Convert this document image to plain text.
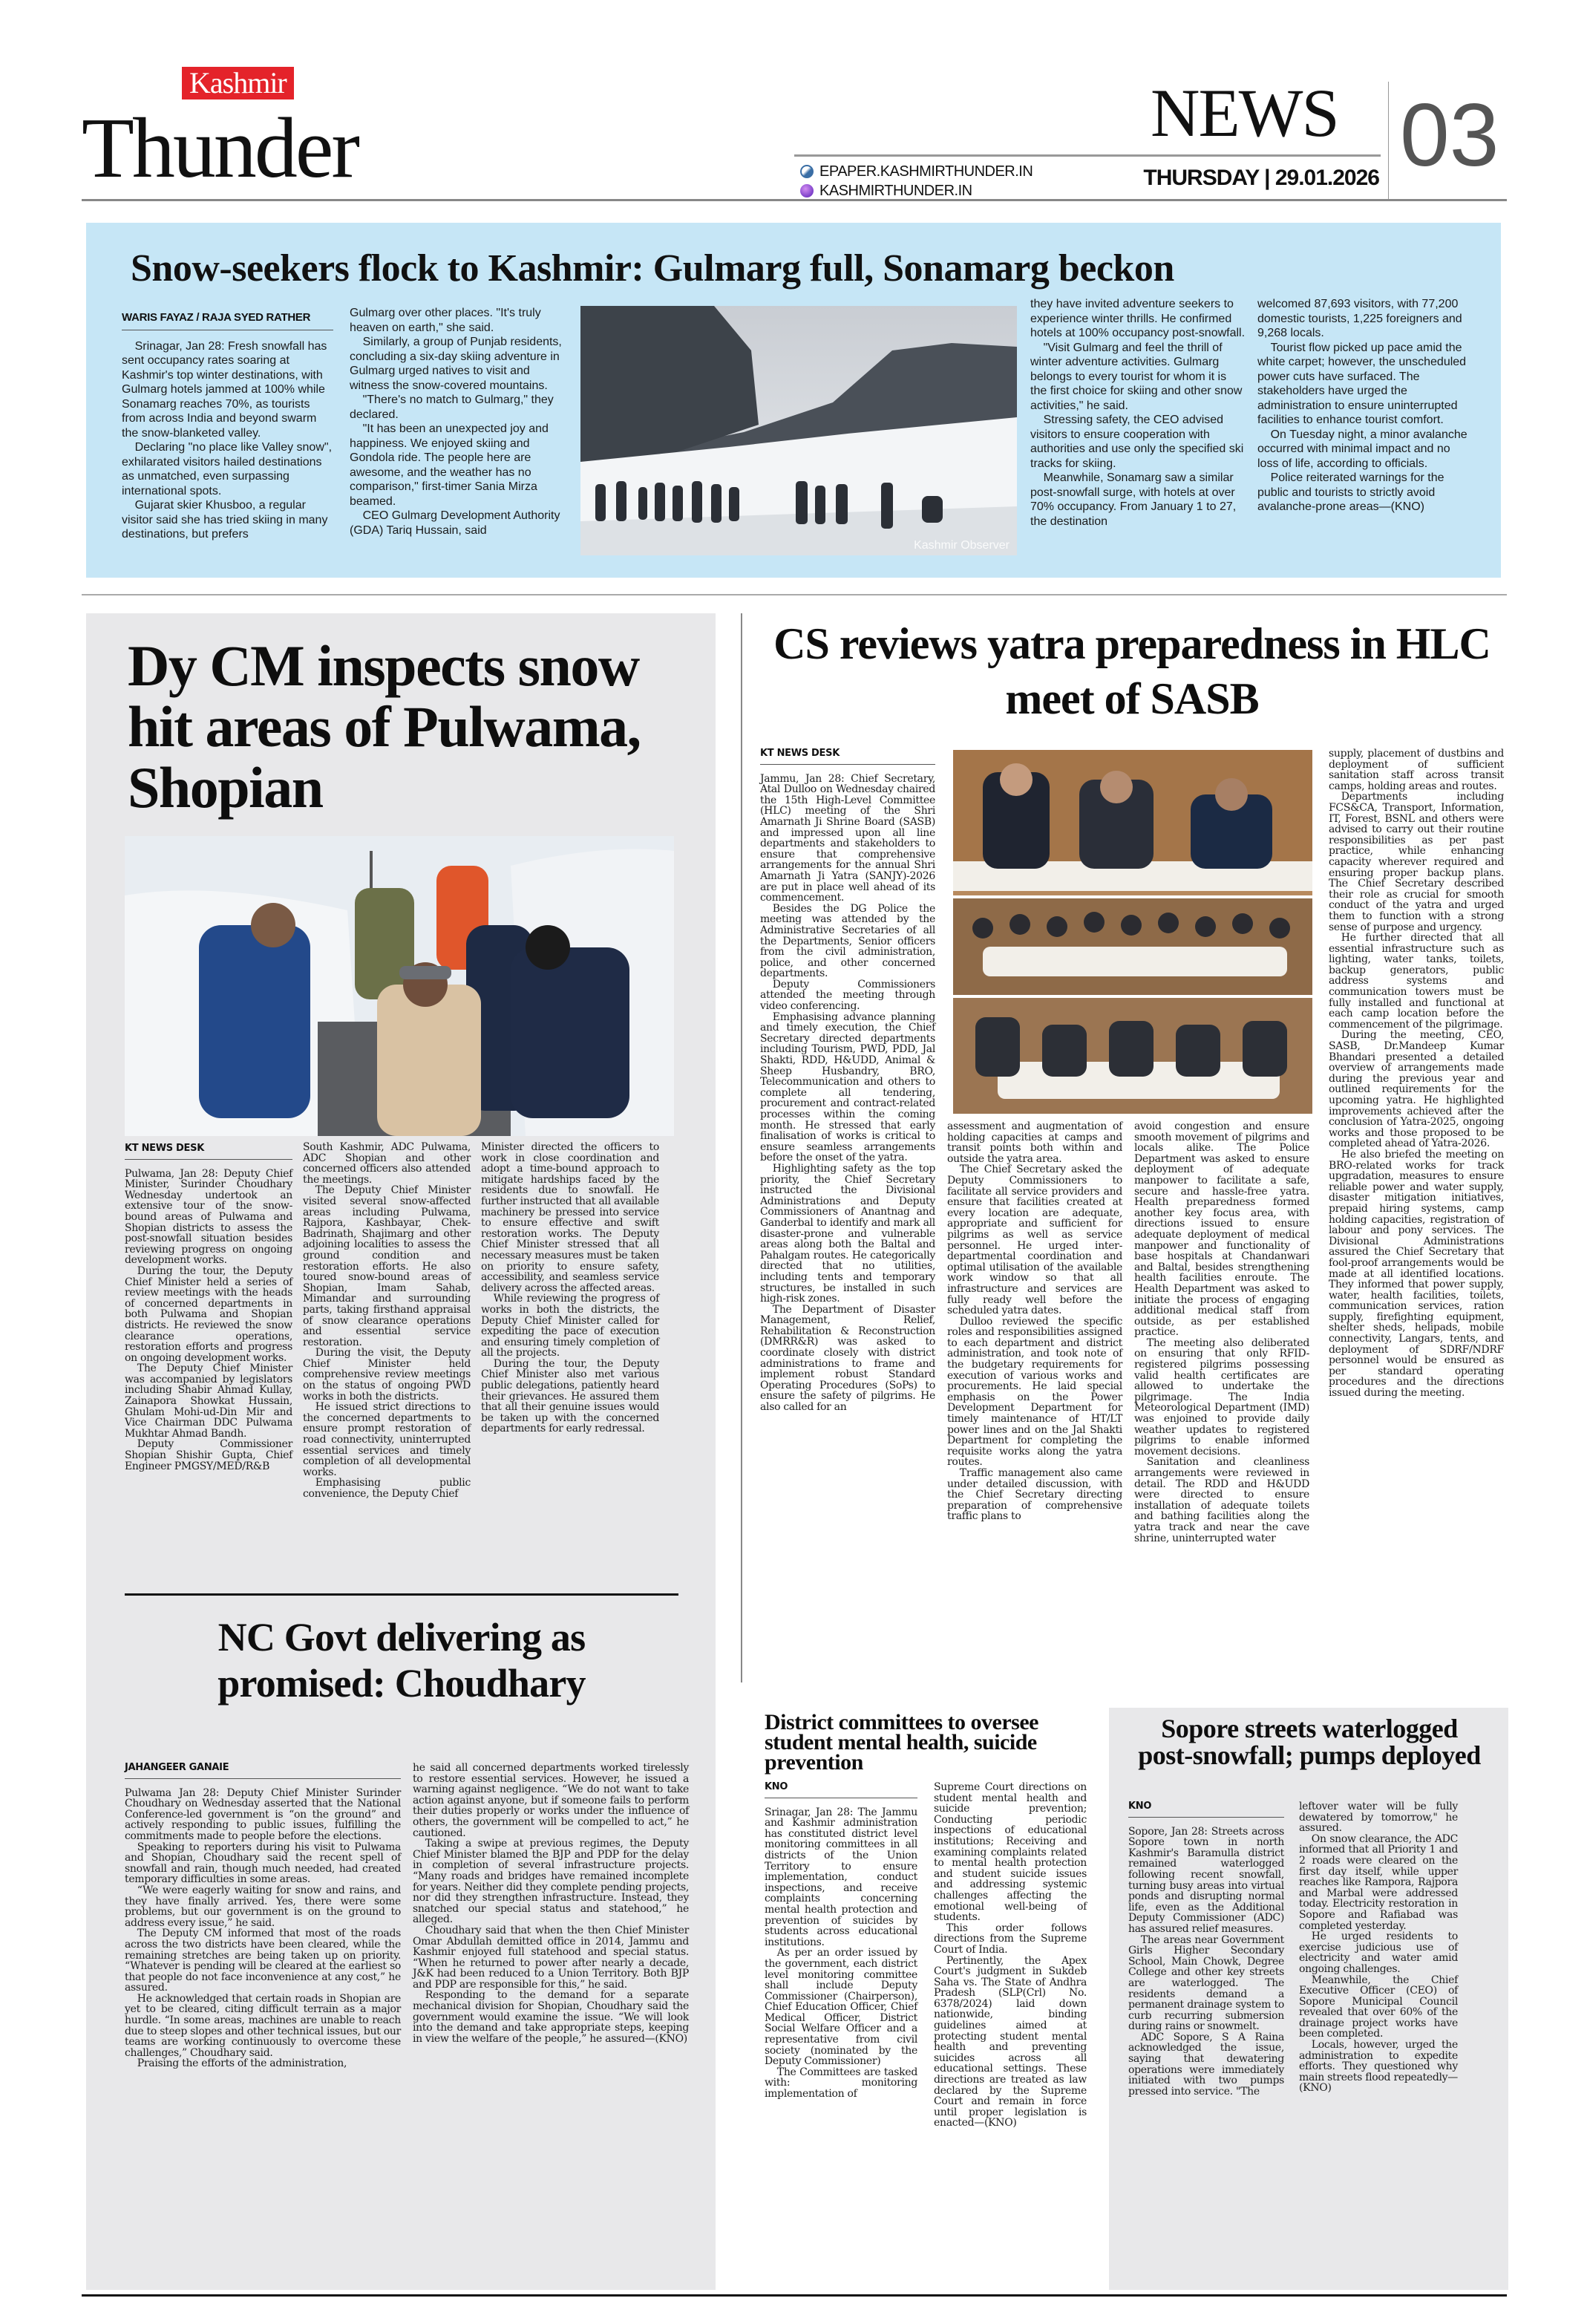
Kashmir
Thunder	NEWS 03
EPAPER.KASHMIRTHUNDER.IN
KASHMIRTHUNDER.IN
THURSDAY | 29.01.2026
Snow-seekers flock to Kashmir: Gulmarg full, Sonamarg beckon
WARIS FAYAZ / RAJA SYED RATHER

Srinagar, Jan 28: Fresh snowfall has sent occupancy rates soaring at Kashmir's top winter destinations, with Gulmarg hotels jammed at 100% while Sonamarg reaches 70%, as tourists from across India and beyond swarm the snow-blanketed valley.

Declaring "no place like Valley snow", exhilarated visitors hailed destinations as unmatched, even surpassing international spots.

Gujarat skier Khusboo, a regular visitor said she has tried skiing in many destinations, but prefers

Gulmarg over other places. "It's truly heaven on earth," she said.

Similarly, a group of Punjab residents, concluding a six-day skiing adventure in Gulmarg urged natives to visit and witness the snow-covered mountains.

"There's no match to Gulmarg," they declared.

"It has been an unexpected joy and happiness. We enjoyed skiing and Gondola ride. The people here are awesome, and the weather has no comparison," first-timer Sania Mirza beamed.

CEO Gulmarg Development Authority (GDA) Tariq Hussain, said

Kashmir Observer

they have invited adventure seekers to experience winter thrills. He confirmed hotels at 100% occupancy post-snowfall.

"Visit Gulmarg and feel the thrill of winter adventure activities. Gulmarg belongs to every tourist for whom it is the first choice for skiing and other snow activities," he said.

Stressing safety, the CEO advised visitors to ensure cooperation with authorities and use only the specified ski tracks for skiing.

Meanwhile, Sonamarg saw a similar post-snowfall surge, with hotels at over 70% occupancy. From January 1 to 27, the destination

welcomed 87,693 visitors, with 77,200 domestic tourists, 1,225 foreigners and 9,268 locals.

Tourist flow picked up pace amid the white carpet; however, the unscheduled power cuts have surfaced. The stakeholders have urged the administration to ensure uninterrupted facilities to enhance tourist comfort.

On Tuesday night, a minor avalanche occurred with minimal impact and no loss of life, according to officials.

Police reiterated warnings for the public and tourists to strictly avoid avalanche-prone areas—(KNO)

Dy CM inspects snow hit areas of Pulwama, Shopian
KT NEWS DESK

Pulwama, Jan 28: Deputy Chief Minister, Surinder Choudhary Wednesday undertook an extensive tour of the snow-bound areas of Pulwama and Shopian districts to assess the post-snowfall situation besides reviewing progress on ongoing development works.

During the tour, the Deputy Chief Minister held a series of review meetings with the heads of concerned departments in both Pulwama and Shopian districts. He reviewed the snow clearance operations, restoration efforts and progress on ongoing development works.

The Deputy Chief Minister was accompanied by legislators including Shabir Ahmad Kullay, Zainapora Showkat Hussain, Ghulam Mohi-ud-Din Mir and Vice Chairman DDC Pulwama Mukhtar Ahmad Bandh.

Deputy Commissioner Shopian Shishir Gupta, Chief Engineer PMGSY/MED/R&B

South Kashmir, ADC Pulwama, ADC Shopian and other concerned officers also attended the meetings.

The Deputy Chief Minister visited several snow-affected areas including Pulwama, Rajpora, Kashbayar, Chek-Badrinath, Shajimarg and other adjoining localities to assess the ground condition and restoration efforts. He also toured snow-bound areas of Shopian, Imam Sahab, Mimandar and surrounding parts, taking firsthand appraisal of snow clearance operations and essential service restoration.

During the visit, the Deputy Chief Minister held comprehensive review meetings on the status of ongoing PWD works in both the districts.

He issued strict directions to the concerned departments to ensure prompt restoration of road connectivity, uninterrupted essential services and timely completion of all developmental works.

Emphasising public convenience, the Deputy Chief

Minister directed the officers to work in close coordination and adopt a time-bound approach to mitigate hardships faced by the residents due to snowfall. He further instructed that all available machinery be pressed into service to ensure effective and swift restoration works. The Deputy Chief Minister stressed that all necessary measures must be taken on priority to ensure safety, accessibility, and seamless service delivery across the affected areas.

While reviewing the progress of works in both the districts, the Deputy Chief Minister called for expediting the pace of execution and ensuring timely completion of all the projects.

During the tour, the Deputy Chief Minister also met various public delegations, patiently heard their grievances. He assured them that all their genuine issues would be taken up with the concerned departments for early redressal.

NC Govt delivering as promised: Choudhary
JAHANGEER GANAIE

Pulwama Jan 28: Deputy Chief Minister Surinder Choudhary on Wednesday asserted that the National Conference-led government is “on the ground” and actively responding to public issues, fulfilling the commitments made to people before the elections.

Speaking to reporters during his visit to Pulwama and Shopian, Choudhary said the recent spell of snowfall and rain, though much needed, had created temporary difficulties in some areas.

“We were eagerly waiting for snow and rains, and they have finally arrived. Yes, there were some problems, but our government is on the ground to address every issue,” he said.

The Deputy CM informed that most of the roads across the two districts have been cleared, while the remaining stretches are being taken up on priority. “Whatever is pending will be cleared at the earliest so that people do not face inconvenience at any cost,” he assured.

He acknowledged that certain roads in Shopian are yet to be cleared, citing difficult terrain as a major hurdle. “In some areas, machines are unable to reach due to steep slopes and other technical issues, but our teams are working continuously to overcome these challenges,” Choudhary said.

Praising the efforts of the administration,

he said all concerned departments worked tirelessly to restore essential services. However, he issued a warning against negligence. “We do not want to take action against anyone, but if someone fails to perform their duties properly or works under the influence of others, the government will be compelled to act,” he cautioned.

Taking a swipe at previous regimes, the Deputy Chief Minister blamed the BJP and PDP for the delay in completion of several infrastructure projects. “Many roads and bridges have remained incomplete for years. Neither did they complete pending projects, nor did they strengthen infrastructure. Instead, they snatched our special status and statehood,” he alleged.

Choudhary said that when the then Chief Minister Omar Abdullah demitted office in 2014, Jammu and Kashmir enjoyed full statehood and special status. “When he returned to power after nearly a decade, J&K had been reduced to a Union Territory. Both BJP and PDP are responsible for this,” he said.

Responding to the demand for a separate mechanical division for Shopian, Choudhary said the government would examine the issue. “We will look into the demand and take appropriate steps, keeping in view the welfare of the people,” he assured—(KNO)

CS reviews yatra preparedness in HLC meet of SASB
KT NEWS DESK

Jammu, Jan 28: Chief Secretary, Atal Dulloo on Wednesday chaired the 15th High-Level Committee (HLC) meeting of the Shri Amarnath Ji Shrine Board (SASB) and impressed upon all line departments and stakeholders to ensure that comprehensive arrangements for the annual Shri Amarnath Ji Yatra (SANJY)-2026 are put in place well ahead of its commencement.

Besides the DG Police the meeting was attended by the Administrative Secretaries of all the Departments, Senior officers from the civil administration, police, and other concerned departments.

Deputy Commissioners attended the meeting through video conferencing.

Emphasising advance planning and timely execution, the Chief Secretary directed departments including Tourism, PWD, PDD, Jal Shakti, RDD, H&UDD, Animal & Sheep Husbandry, BRO, Telecommunication and others to complete all tendering, procurement and contract-related processes within the coming month. He stressed that early finalisation of works is critical to ensure seamless arrangements before the onset of the yatra.

Highlighting safety as the top priority, the Chief Secretary instructed the Divisional Administrations and Deputy Commissioners of Anantnag and Ganderbal to identify and mark all disaster-prone and vulnerable areas along both the Baltal and Pahalgam routes. He categorically directed that no utilities, including tents and temporary structures, be installed in such high-risk zones.

The Department of Disaster Management, Relief, Rehabilitation & Reconstruction (DMRR&R) was asked to coordinate closely with district administrations to frame and implement robust Standard Operating Procedures (SoPs) to ensure the safety of pilgrims. He also called for an

assessment and augmentation of holding capacities at camps and transit points both within and outside the yatra area.

The Chief Secretary asked the Deputy Commissioners to facilitate all service providers and ensure that facilities created at every location are adequate, appropriate and sufficient for pilgrims as well as service personnel. He urged inter-departmental coordination and optimal utilisation of the available work window so that all infrastructure and services are fully ready well before the scheduled yatra dates.

Dulloo reviewed the specific roles and responsibilities assigned to each department and district administration, and took note of the budgetary requirements for execution of various works and procurements. He laid special emphasis on the Power Development Department for timely maintenance of HT/LT power lines and on the Jal Shakti Department for completing the requisite works along the yatra routes.

Traffic management also came under detailed discussion, with the Chief Secretary directing preparation of comprehensive traffic plans to

avoid congestion and ensure smooth movement of pilgrims and locals alike. The Police Department was asked to ensure deployment of adequate manpower to facilitate a safe, secure and hassle-free yatra. Health preparedness formed another key focus area, with directions issued to ensure adequate deployment of medical manpower and functionality of base hospitals at Chandanwari and Baltal, besides strengthening health facilities enroute. The Health Department was asked to initiate the process of engaging additional medical staff from outside, as per established practice.

The meeting also deliberated on ensuring that only RFID-registered pilgrims possessing valid health certificates are allowed to undertake the pilgrimage. The India Meteorological Department (IMD) was enjoined to provide daily weather updates to registered pilgrims to enable informed movement decisions.

Sanitation and cleanliness arrangements were reviewed in detail. The RDD and H&UDD were directed to ensure installation of adequate toilets and bathing facilities along the yatra track and near the cave shrine, uninterrupted water

supply, placement of dustbins and deployment of sufficient sanitation staff across transit camps, holding areas and routes.

Departments including FCS&CA, Transport, Information, IT, Forest, BSNL and others were advised to carry out their routine responsibilities as per past practice, while enhancing capacity wherever required and ensuring proper backup plans. The Chief Secretary described their role as crucial for smooth conduct of the yatra and urged them to function with a strong sense of purpose and urgency.

He further directed that all essential infrastructure such as lighting, water tanks, toilets, backup generators, public address systems and communication towers must be fully installed and functional at each camp location before the commencement of the pilgrimage.

During the meeting, CEO, SASB, Dr.Mandeep Kumar Bhandari presented a detailed overview of arrangements made during the previous year and outlined requirements for the upcoming yatra. He highlighted improvements achieved after the conclusion of Yatra-2025, ongoing works and those proposed to be completed ahead of Yatra-2026.

He also briefed the meeting on BRO-related works for track upgradation, measures to ensure reliable power and water supply, disaster mitigation initiatives, prepaid hiring systems, camp holding capacities, registration of labour and pony services. The Divisional Administrations assured the Chief Secretary that fool-proof arrangements would be made at all identified locations. They informed that power supply, water, health facilities, toilets, communication services, ration supply, firefighting equipment, shelter sheds, helipads, mobile connectivity, Langars, tents, and deployment of SDRF/NDRF personnel would be ensured as per standard operating procedures and the directions issued during the meeting.

District committees to oversee student mental health, suicide prevention
KNO

Srinagar, Jan 28: The Jammu and Kashmir administration has constituted district level monitoring committees in all districts of the Union Territory to ensure implementation, conduct inspections, and receive complaints concerning mental health protection and prevention of suicides by students across educational institutions.

As per an order issued by the government, each district level monitoring committee shall include Deputy Commissioner (Chairperson), Chief Education Officer, Chief Medical Officer, District Social Welfare Officer and a representative from civil society (nominated by the Deputy Commissioner)

The Committees are tasked with: monitoring implementation of

Supreme Court directions on student mental health and suicide prevention; Conducting periodic inspections of educational institutions; Receiving and examining complaints related to mental health protection and student suicide issues and addressing systemic challenges affecting the emotional well-being of students.

This order follows directions from the Supreme Court of India.

Pertinently, the Apex Court's judgment in Sukdeb Saha vs. The State of Andhra Pradesh (SLP(Crl) No. 6378/2024) laid down nationwide, binding guidelines aimed at protecting student mental health and preventing suicides across all educational settings. These directions are treated as law declared by the Supreme Court and remain in force until proper legislation is enacted—(KNO)

Sopore streets waterlogged post-snowfall; pumps deployed
KNO

Sopore, Jan 28: Streets across Sopore town in north Kashmir's Baramulla district remained waterlogged following recent snowfall, turning busy areas into virtual ponds and disrupting normal life, even as the Additional Deputy Commissioner (ADC) has assured relief measures.

The areas near Government Girls Higher Secondary School, Main Chowk, Degree College and other key streets are waterlogged. The residents demand a permanent drainage system to curb recurring submersion during rains or snowmelt.

ADC Sopore, S A Raina acknowledged the issue, saying that dewatering operations were immediately initiated with two pumps pressed into service. "The

leftover water will be fully dewatered by tomorrow," he assured.

On snow clearance, the ADC informed that all Priority 1 and 2 roads were cleared on the first day itself, while upper reaches like Rampora, Rajpora and Marbal were addressed today. Electricity restoration in Sopore and Rafiabad was completed yesterday.

He urged residents to exercise judicious use of electricity and water amid ongoing challenges.

Meanwhile, the Chief Executive Officer (CEO) of Sopore Municipal Council revealed that over 60% of the drainage project works have been completed.

Locals, however, urged the administration to expedite efforts. They questioned why main streets flood repeatedly—(KNO)
